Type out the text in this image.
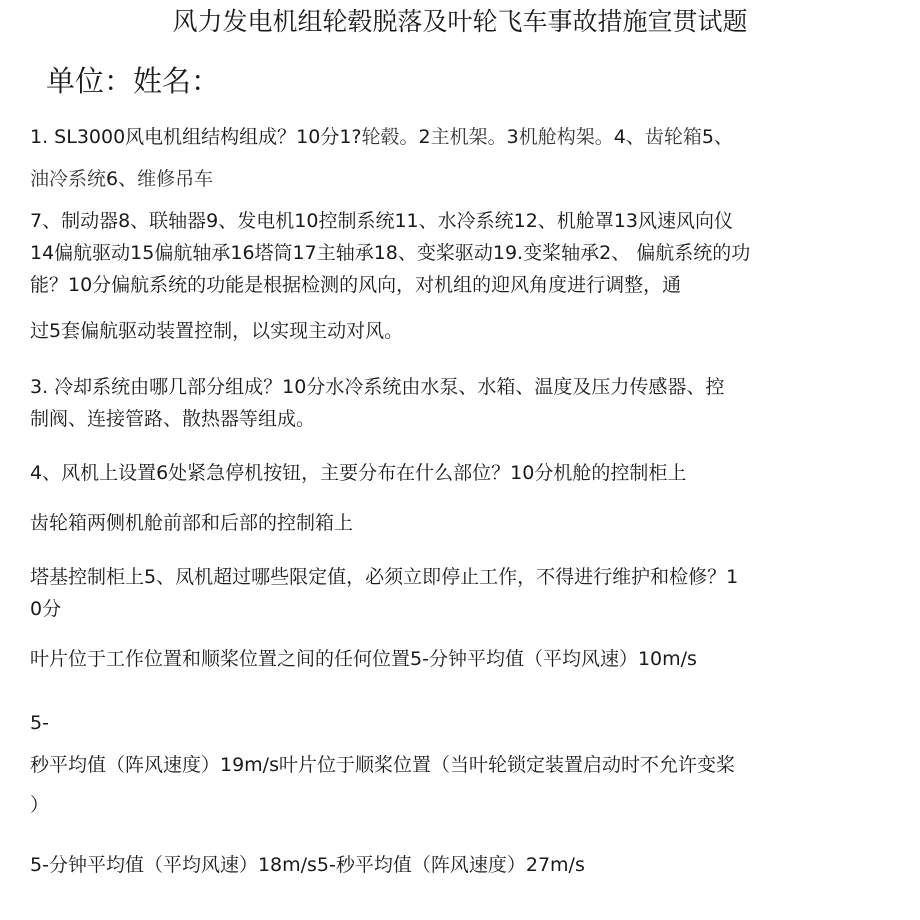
风力发电机组轮毂脱落及叶轮飞车事故措施宣贯试题
单位：姓名：
1. SL3000风电机组结构组成？10分1?轮毂。2主机架。3机舱构架。4、齿轮箱5、
油冷系统6、维修吊车
7、制动器8、联轴器9、发电机10控制系统11、水冷系统12、机舱罩13风速风向仪
14偏航驱动15偏航轴承16塔筒17主轴承18、变桨驱动19.变桨轴承2、 偏航系统的功
能？10分偏航系统的功能是根据检测的风向，对机组的迎风角度进行调整，通
过5套偏航驱动装置控制，以实现主动对风。
3. 冷却系统由哪几部分组成？10分水冷系统由水泵、水箱、温度及压力传感器、控
制阀、连接管路、散热器等组成。
4、风机上设置6处紧急停机按钮，主要分布在什么部位？10分机舱的控制柜上
齿轮箱两侧机舱前部和后部的控制箱上
塔基控制柜上5、凤机超过哪些限定值，必须立即停止工作，不得进行维护和检修？1
0分
叶片位于工作位置和顺桨位置之间的任何位置5-分钟平均值（平均风速）10m/s
5-
秒平均值（阵风速度）19m/s叶片位于顺桨位置（当叶轮锁定装置启动时不允许变桨
）
5-分钟平均值（平均风速）18m/s5-秒平均值（阵风速度）27m/s
